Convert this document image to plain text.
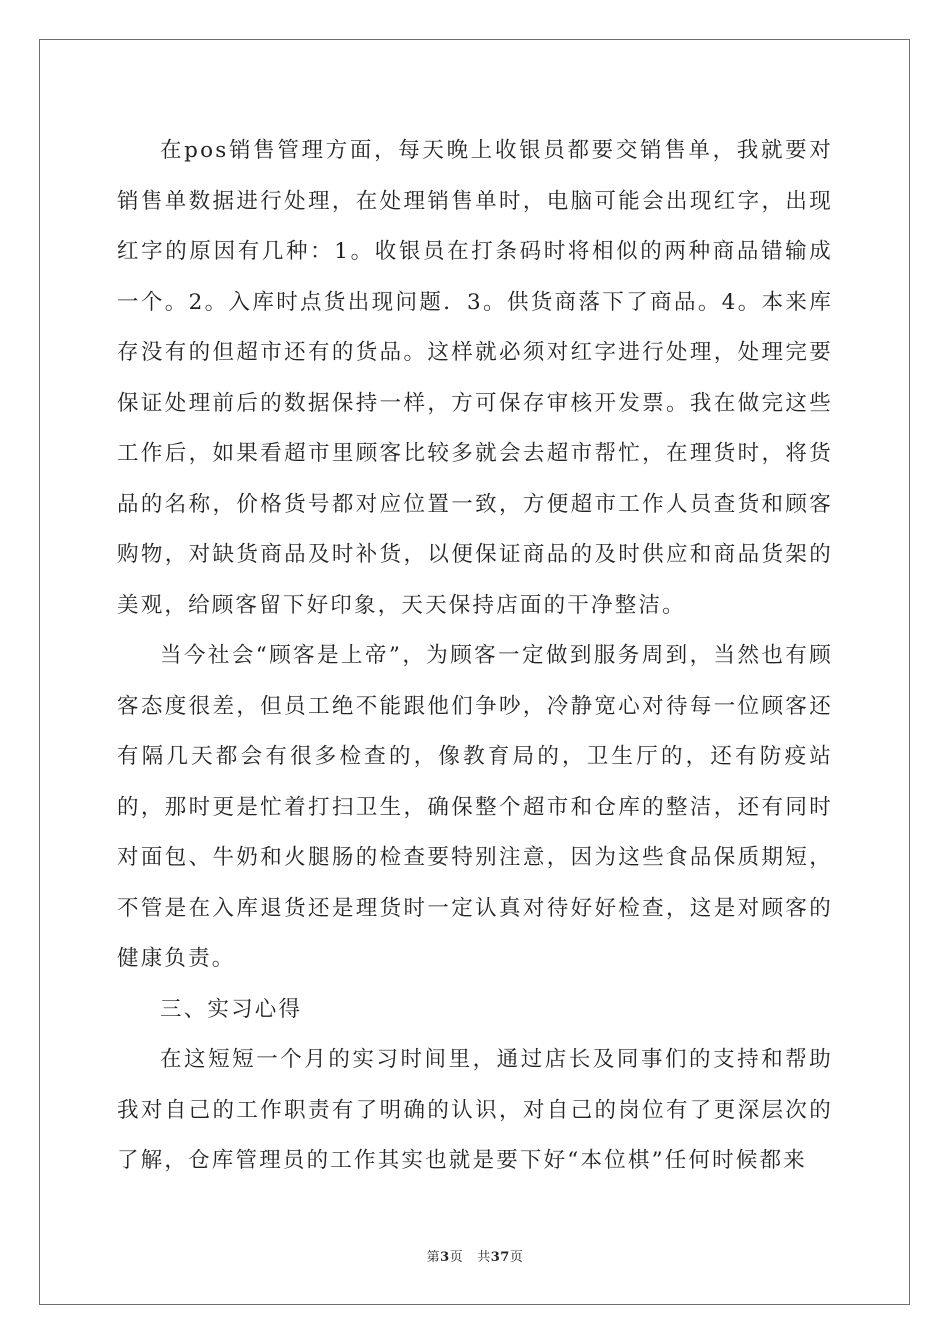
在pos销售管理方面，每天晚上收银员都要交销售单，我就要对销售单数据进行处理，在处理销售单时，电脑可能会出现红字，出现红字的原因有几种：1。收银员在打条码时将相似的两种商品错输成一个。2。入库时点货出现问题．3。供货商落下了商品。4。本来库存没有的但超市还有的货品。这样就必须对红字进行处理，处理完要保证处理前后的数据保持一样，方可保存审核开发票。我在做完这些工作后，如果看超市里顾客比较多就会去超市帮忙，在理货时，将货品的名称，价格货号都对应位置一致，方便超市工作人员查货和顾客购物，对缺货商品及时补货，以便保证商品的及时供应和商品货架的美观，给顾客留下好印象，天天保持店面的干净整洁。

当今社会“顾客是上帝”，为顾客一定做到服务周到，当然也有顾客态度很差，但员工绝不能跟他们争吵，冷静宽心对待每一位顾客还有隔几天都会有很多检查的，像教育局的，卫生厅的，还有防疫站的，那时更是忙着打扫卫生，确保整个超市和仓库的整洁，还有同时对面包、牛奶和火腿肠的检查要特别注意，因为这些食品保质期短，不管是在入库退货还是理货时一定认真对待好好检查，这是对顾客的健康负责。

三、实习心得

在这短短一个月的实习时间里，通过店长及同事们的支持和帮助我对自己的工作职责有了明确的认识，对自己的岗位有了更深层次的了解，仓库管理员的工作其实也就是要下好“本位棋”任何时候都来

第3页 共37页
